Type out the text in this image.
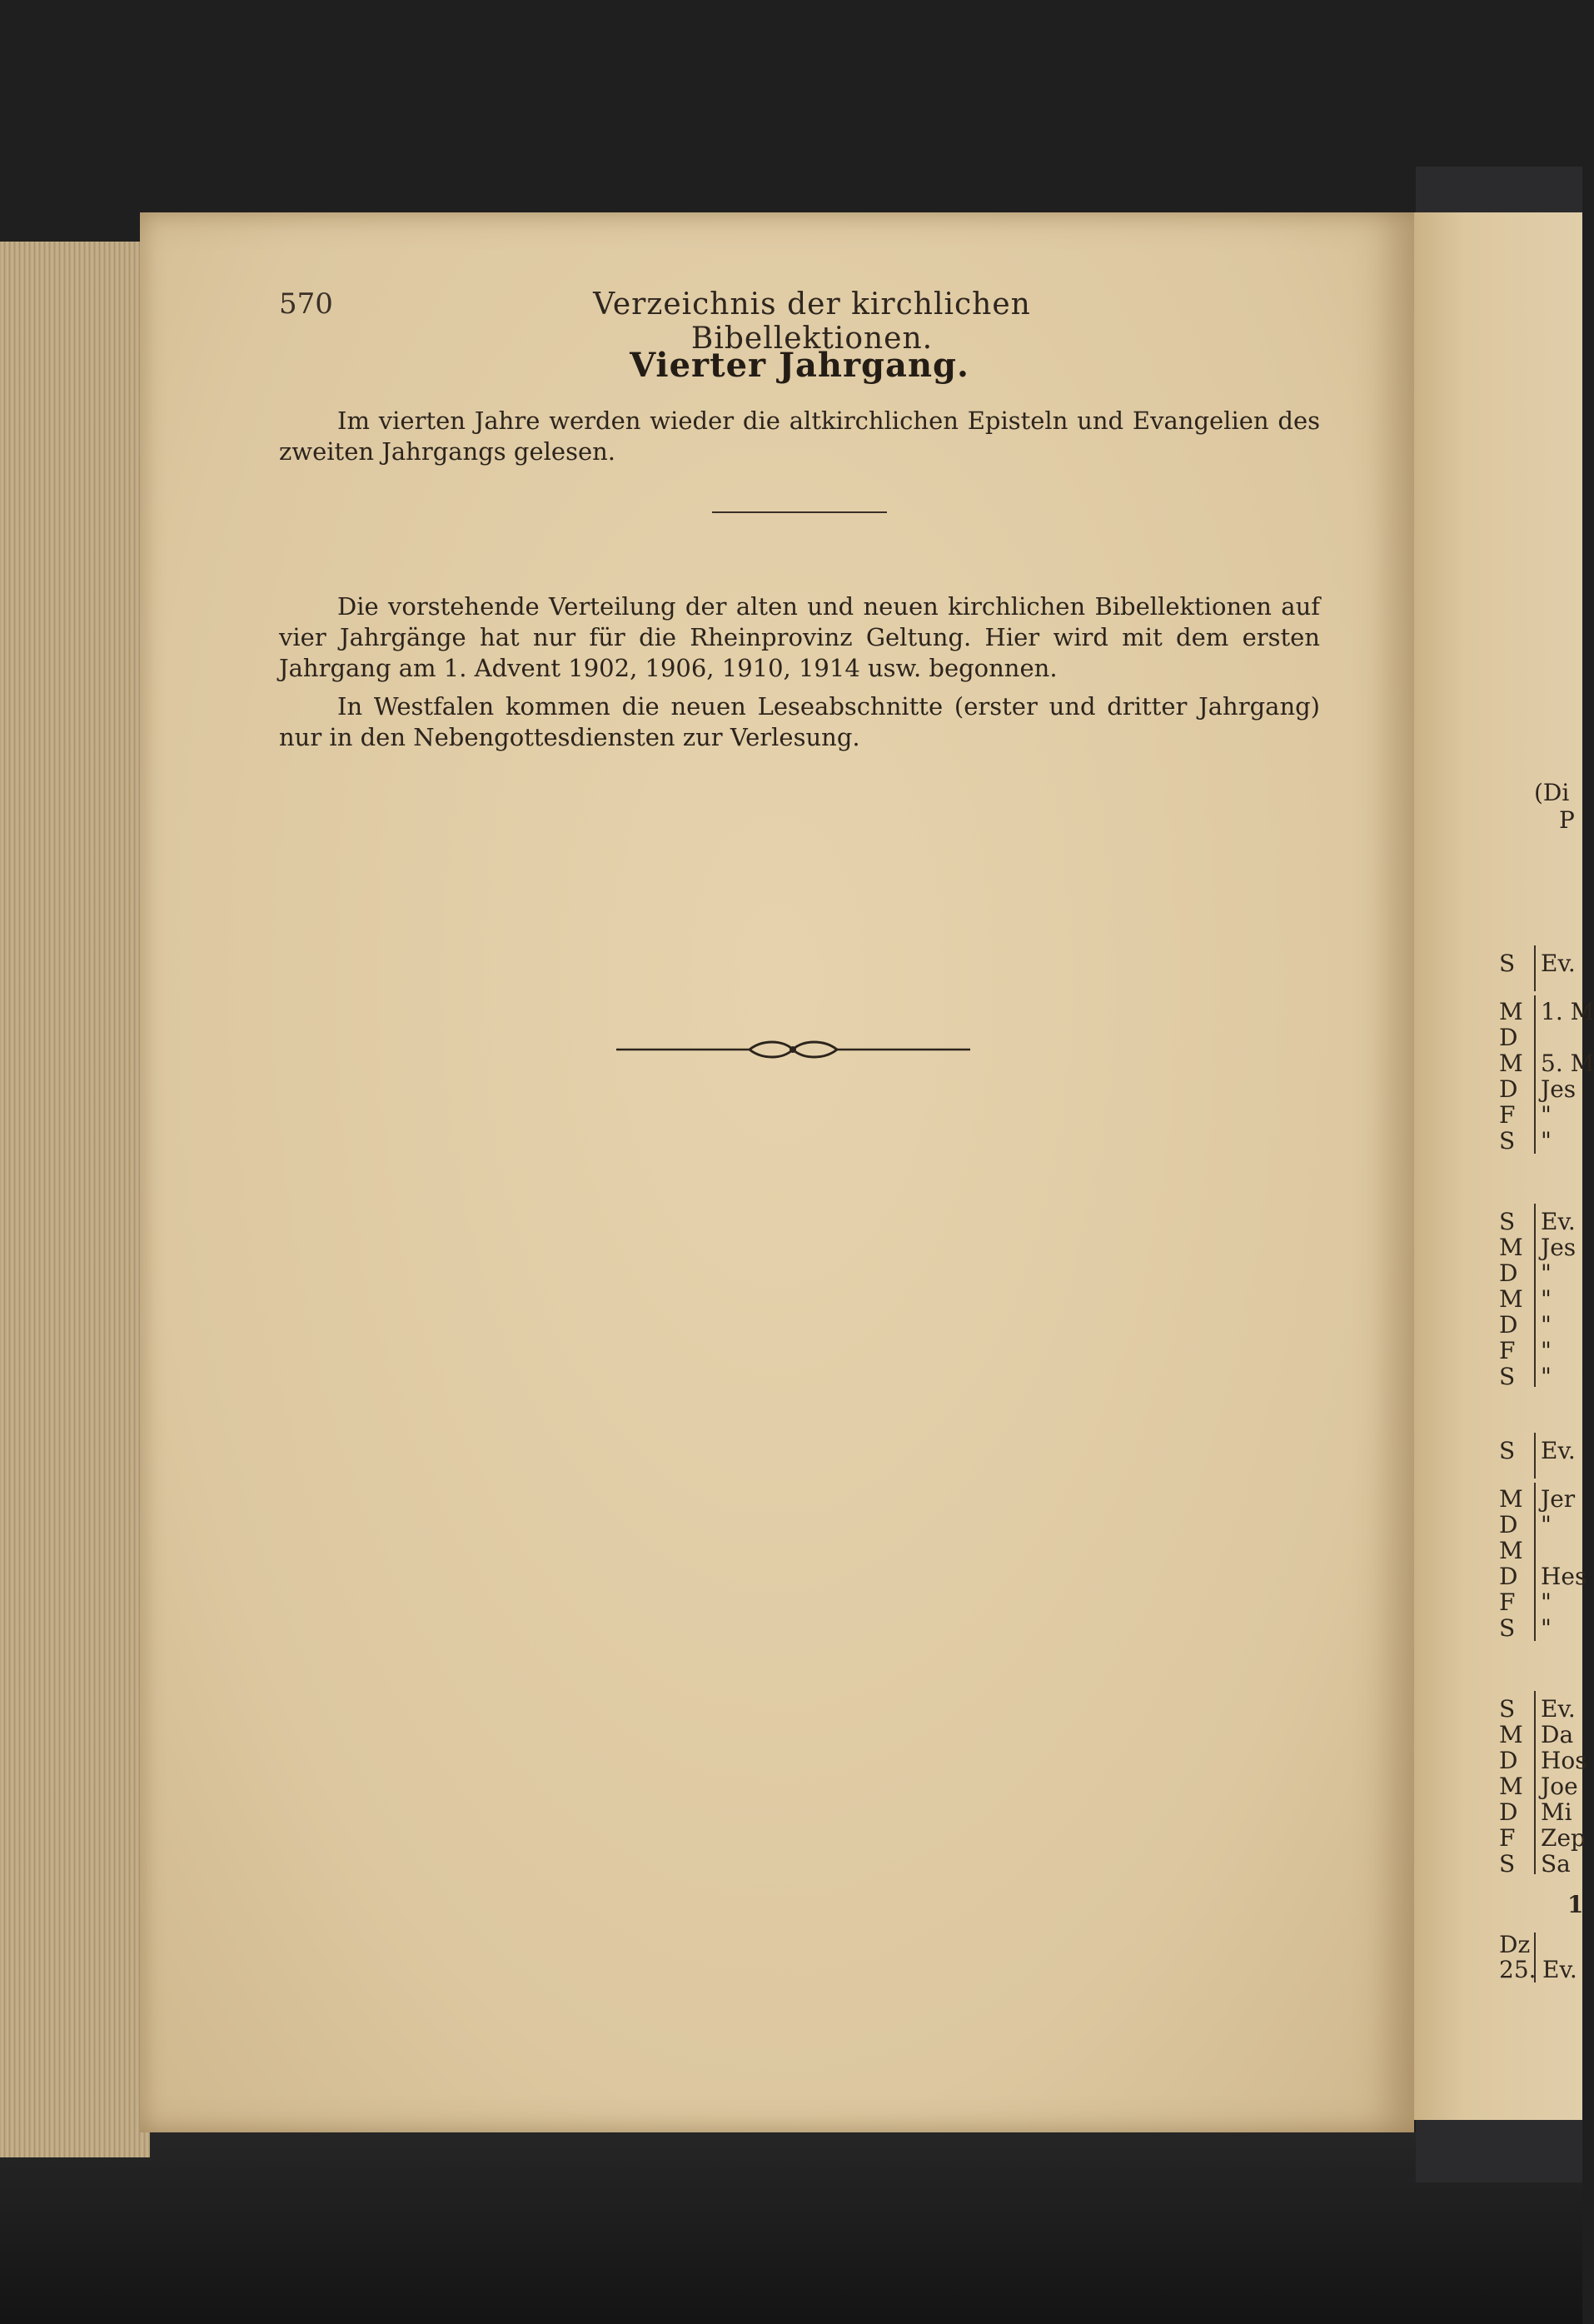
570	Verzeichnis der kirchlichen Bibellektionen.
Vierter Jahrgang.

Im vierten Jahre werden wieder die altkirchlichen Episteln und Evangelien des zweiten Jahrgangs gelesen.

Die vorstehende Verteilung der alten und neuen kirchlichen Bibellektionen auf vier Jahrgänge hat nur für die Rheinprovinz Geltung. Hier wird mit dem ersten Jahrgang am 1. Advent 1902, 1906, 1910, 1914 usw. begonnen.

In Westfalen kommen die neuen Leseabschnitte (erster und dritter Jahrgang) nur in den Nebengottesdiensten zur Verlesung.

(Di
P
S Ev.
M 1. M
D
M 5. M
D Jes
F "
S "
S Ev.
M Jes
D "
M "
D "
F "
S "
S Ev.
M Jer
D "
M
D Hes
F "
S "
S Ev.
M Da
D Hos
M Joe
D Mi
F Zep
S Sa
1
Dz
25. Ev.
